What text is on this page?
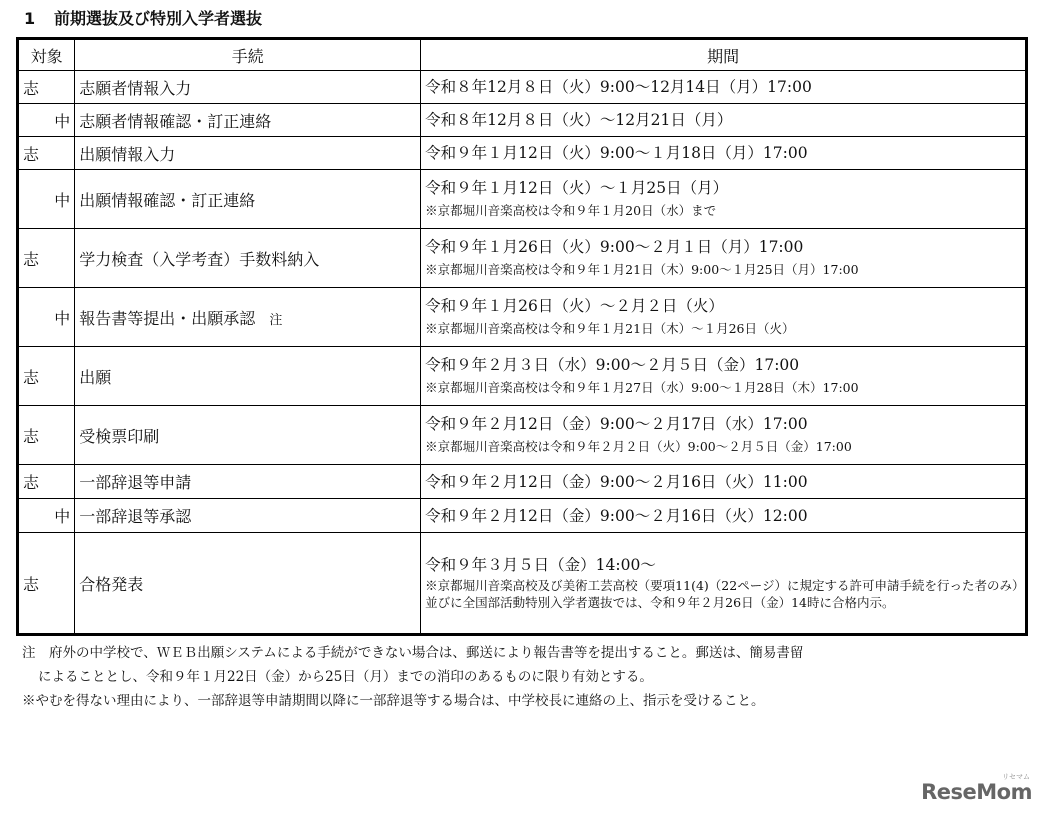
1 前期選抜及び特別入学者選抜
対象	手続	期間
志	志願者情報入力	令和８年12月８日（火）9:00～12月14日（月）17:00

中	志願者情報確認・訂正連絡	令和８年12月８日（火）～12月21日（月）

志	出願情報入力	令和９年１月12日（火）9:00～１月18日（月）17:00

中	出願情報確認・訂正連絡	令和９年１月12日（火）～１月25日（月）
※京都堀川音楽高校は令和９年１月20日（水）まで

志	学力検査（入学考査）手数料納入	令和９年１月26日（火）9:00～２月１日（月）17:00
※京都堀川音楽高校は令和９年１月21日（木）9:00～１月25日（月）17:00

中	報告書等提出・出願承認 注	令和９年１月26日（火）～２月２日（火）
※京都堀川音楽高校は令和９年１月21日（木）～１月26日（火）

志	出願	令和９年２月３日（水）9:00～２月５日（金）17:00
※京都堀川音楽高校は令和９年１月27日（水）9:00～１月28日（木）17:00

志	受検票印刷	令和９年２月12日（金）9:00～２月17日（水）17:00
※京都堀川音楽高校は令和９年２月２日（火）9:00～２月５日（金）17:00

志	一部辞退等申請	令和９年２月12日（金）9:00～２月16日（火）11:00

中	一部辞退等承認	令和９年２月12日（金）9:00～２月16日（火）12:00

志	合格発表	令和９年３月５日（金）14:00～
※京都堀川音楽高校及び美術工芸高校（要項11(4)（22ページ）に規定する許可申請手続を行った者のみ）並びに全国部活動特別入学者選抜では、令和９年２月26日（金）14時に合格内示。
注　府外の中学校で、ＷＥＢ出願システムによる手続ができない場合は、郵送により報告書等を提出すること。郵送は、簡易書留
によることとし、令和９年１月22日（金）から25日（月）までの消印のあるものに限り有効とする。
※やむを得ない理由により、一部辞退等申請期間以降に一部辞退等する場合は、中学校長に連絡の上、指示を受けること。
リセマム
ReseMom
